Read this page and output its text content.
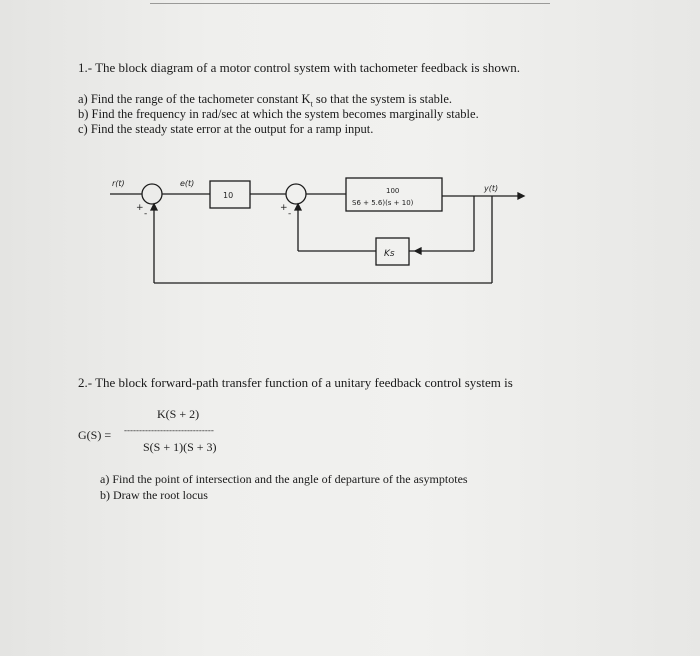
1.- The block diagram of a motor control system with tachometer feedback is shown.
a) Find the range of the tachometer constant $K_t$ so that the system is stable.
b) Find the frequency in rad/sec at which the system becomes marginally stable.
c) Find the steady state error at the output for a ramp input.
r(t)	e(t)
10	100
S6 + 5.6)(s + 10)
Ks
y(t)
+
-
+
-
2.- The block forward-path transfer function of a unitary feedback control system is
K(S + 2)
G(S) = ------------------------------
S(S + 1)(S + 3)
a) Find the point of intersection and the angle of departure of the asymptotes
b) Draw the root locus
